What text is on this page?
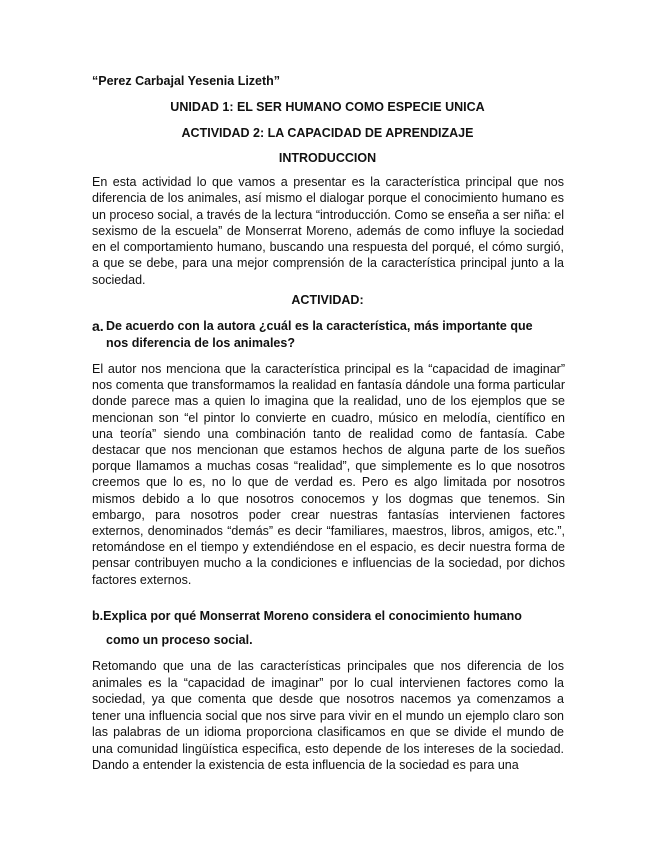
“Perez Carbajal Yesenia Lizeth”

UNIDAD 1: EL SER HUMANO COMO ESPECIE UNICA

ACTIVIDAD 2: LA CAPACIDAD DE APRENDIZAJE

INTRODUCCION

En esta actividad lo que vamos a presentar es la característica principal que nos diferencia de los animales, así mismo el dialogar porque el conocimiento humano es un proceso social, a través de la lectura “introducción. Como se enseña a ser niña: el sexismo de la escuela” de Monserrat Moreno, además de como influye la sociedad en el comportamiento humano, buscando una respuesta del porqué, el cómo surgió, a que se debe, para una mejor comprensión de la característica principal junto a la sociedad.

ACTIVIDAD:

a. De acuerdo con la autora ¿cuál es la característica, más importante que
nos diferencia de los animales?

El autor nos menciona que la característica principal es la “capacidad de imaginar” nos comenta que transformamos la realidad en fantasía dándole una forma particular donde parece mas a quien lo imagina que la realidad, uno de los ejemplos que se mencionan son “el pintor lo convierte en cuadro, músico en melodía, científico en una teoría” siendo una combinación tanto de realidad como de fantasía. Cabe destacar que nos mencionan que estamos hechos de alguna parte de los sueños porque llamamos a muchas cosas “realidad”, que simplemente es lo que nosotros creemos que lo es, no lo que de verdad es. Pero es algo limitada por nosotros mismos debido a lo que nosotros conocemos y los dogmas que tenemos. Sin embargo, para nosotros poder crear nuestras fantasías intervienen factores externos, denominados “demás” es decir “familiares, maestros, libros, amigos, etc.”, retomándose en el tiempo y extendiéndose en el espacio, es decir nuestra forma de pensar contribuyen mucho a la condiciones e influencias de la sociedad, por dichos factores externos.

b.Explica por qué Monserrat Moreno considera el conocimiento humano
como un proceso social.

Retomando que una de las características principales que nos diferencia de los animales es la “capacidad de imaginar” por lo cual intervienen factores como la sociedad, ya que comenta que desde que nosotros nacemos ya comenzamos a tener una influencia social que nos sirve para vivir en el mundo un ejemplo claro son las palabras de un idioma proporciona clasificamos en que se divide el mundo de una comunidad lingüística especifica, esto depende de los intereses de la sociedad. Dando a entender la existencia de esta influencia de la sociedad es para una
